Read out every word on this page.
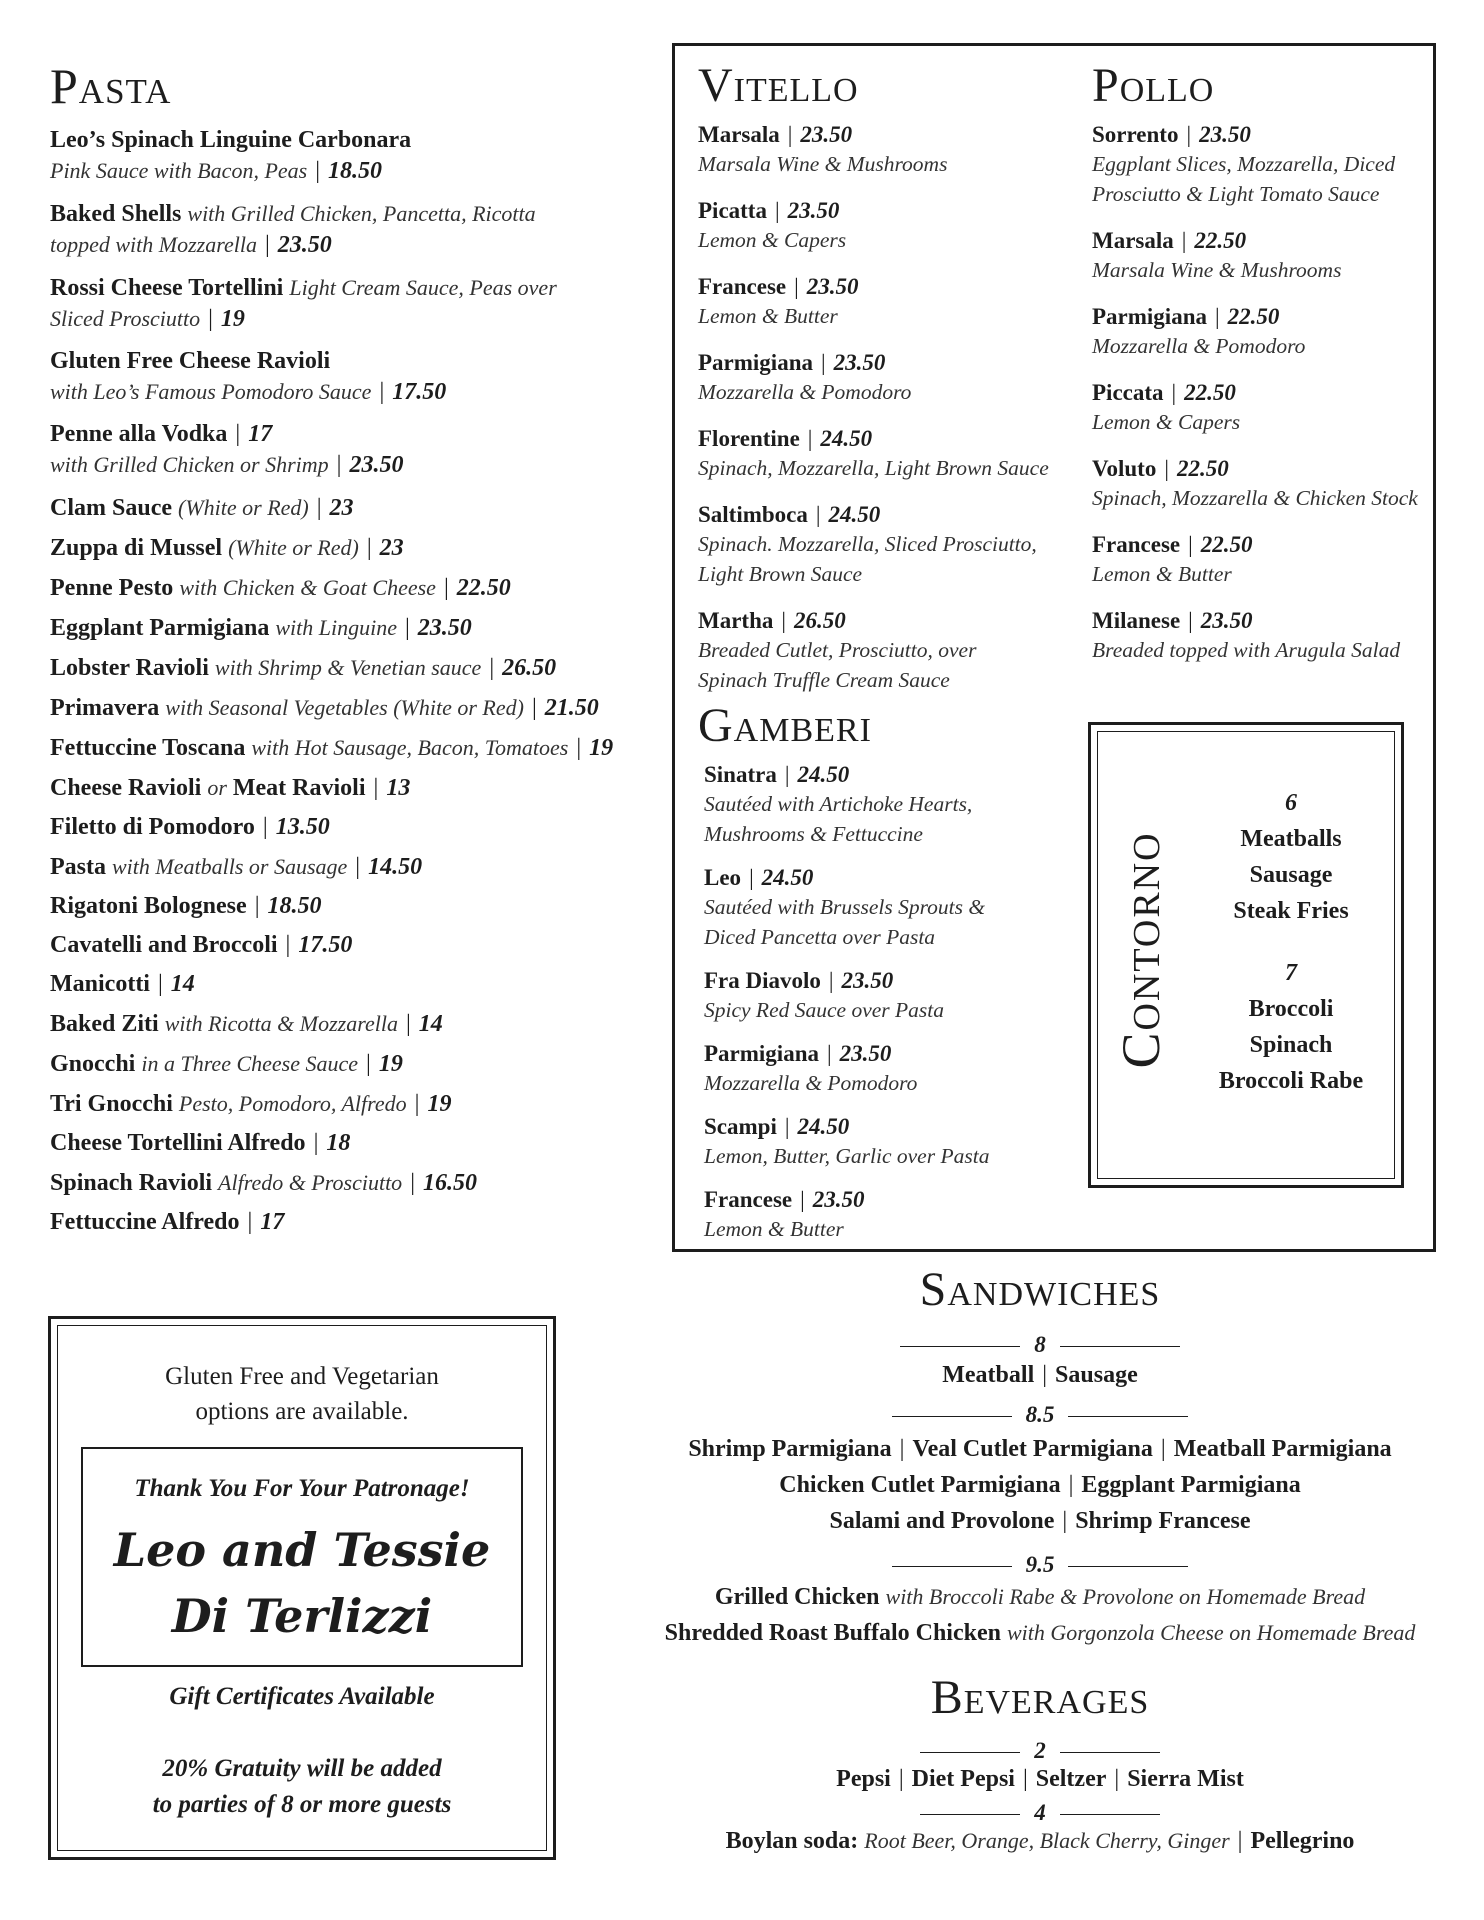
Pasta
Leo’s Spinach Linguine Carbonara
Pink Sauce with Bacon, Peas | 18.50
Baked Shells with Grilled Chicken, Pancetta, Ricotta topped with Mozzarella | 23.50
Rossi Cheese Tortellini Light Cream Sauce, Peas over Sliced Prosciutto | 19
Gluten Free Cheese Ravioli
with Leo’s Famous Pomodoro Sauce | 17.50
Penne alla Vodka | 17
with Grilled Chicken or Shrimp | 23.50
Clam Sauce (White or Red) | 23
Zuppa di Mussel (White or Red) | 23
Penne Pesto with Chicken & Goat Cheese | 22.50
Eggplant Parmigiana with Linguine | 23.50
Lobster Ravioli with Shrimp & Venetian sauce | 26.50
Primavera with Seasonal Vegetables (White or Red) | 21.50
Fettuccine Toscana with Hot Sausage, Bacon, Tomatoes | 19
Cheese Ravioli or Meat Ravioli | 13
Filetto di Pomodoro | 13.50
Pasta with Meatballs or Sausage | 14.50
Rigatoni Bolognese | 18.50
Cavatelli and Broccoli | 17.50
Manicotti | 14
Baked Ziti with Ricotta & Mozzarella | 14
Gnocchi in a Three Cheese Sauce | 19
Tri Gnocchi Pesto, Pomodoro, Alfredo | 19
Cheese Tortellini Alfredo | 18
Spinach Ravioli Alfredo & Prosciutto | 16.50
Fettuccine Alfredo | 17
Vitello
Marsala | 23.50
Marsala Wine & Mushrooms
Picatta | 23.50
Lemon & Capers
Francese | 23.50
Lemon & Butter
Parmigiana | 23.50
Mozzarella & Pomodoro
Florentine | 24.50
Spinach, Mozzarella, Light Brown Sauce
Saltimboca | 24.50
Spinach. Mozzarella, Sliced Prosciutto, Light Brown Sauce
Martha | 26.50
Breaded Cutlet, Prosciutto, over Spinach Truffle Cream Sauce
Pollo
Sorrento | 23.50
Eggplant Slices, Mozzarella, Diced Prosciutto & Light Tomato Sauce
Marsala | 22.50
Marsala Wine & Mushrooms
Parmigiana | 22.50
Mozzarella & Pomodoro
Piccata | 22.50
Lemon & Capers
Voluto | 22.50
Spinach, Mozzarella & Chicken Stock
Francese | 22.50
Lemon & Butter
Milanese | 23.50
Breaded topped with Arugula Salad
Gamberi
Sinatra | 24.50
Sautéed with Artichoke Hearts, Mushrooms & Fettuccine
Leo | 24.50
Sautéed with Brussels Sprouts & Diced Pancetta over Pasta
Fra Diavolo | 23.50
Spicy Red Sauce over Pasta
Parmigiana | 23.50
Mozzarella & Pomodoro
Scampi | 24.50
Lemon, Butter, Garlic over Pasta
Francese | 23.50
Lemon & Butter
Contorno
6
Meatballs
Sausage
Steak Fries
7
Broccoli
Spinach
Broccoli Rabe
Gluten Free and Vegetarian
options are available.
Thank You For Your Patronage!
Leo and Tessie
Di Terlizzi
Gift Certificates Available
20% Gratuity will be added
to parties of 8 or more guests
Sandwiches
8
Meatball | Sausage
8.5
Shrimp Parmigiana | Veal Cutlet Parmigiana | Meatball Parmigiana
Chicken Cutlet Parmigiana | Eggplant Parmigiana
Salami and Provolone | Shrimp Francese
9.5
Grilled Chicken with Broccoli Rabe & Provolone on Homemade Bread
Shredded Roast Buffalo Chicken with Gorgonzola Cheese on Homemade Bread
Beverages
2
Pepsi | Diet Pepsi | Seltzer | Sierra Mist
4
Boylan soda: Root Beer, Orange, Black Cherry, Ginger | Pellegrino
